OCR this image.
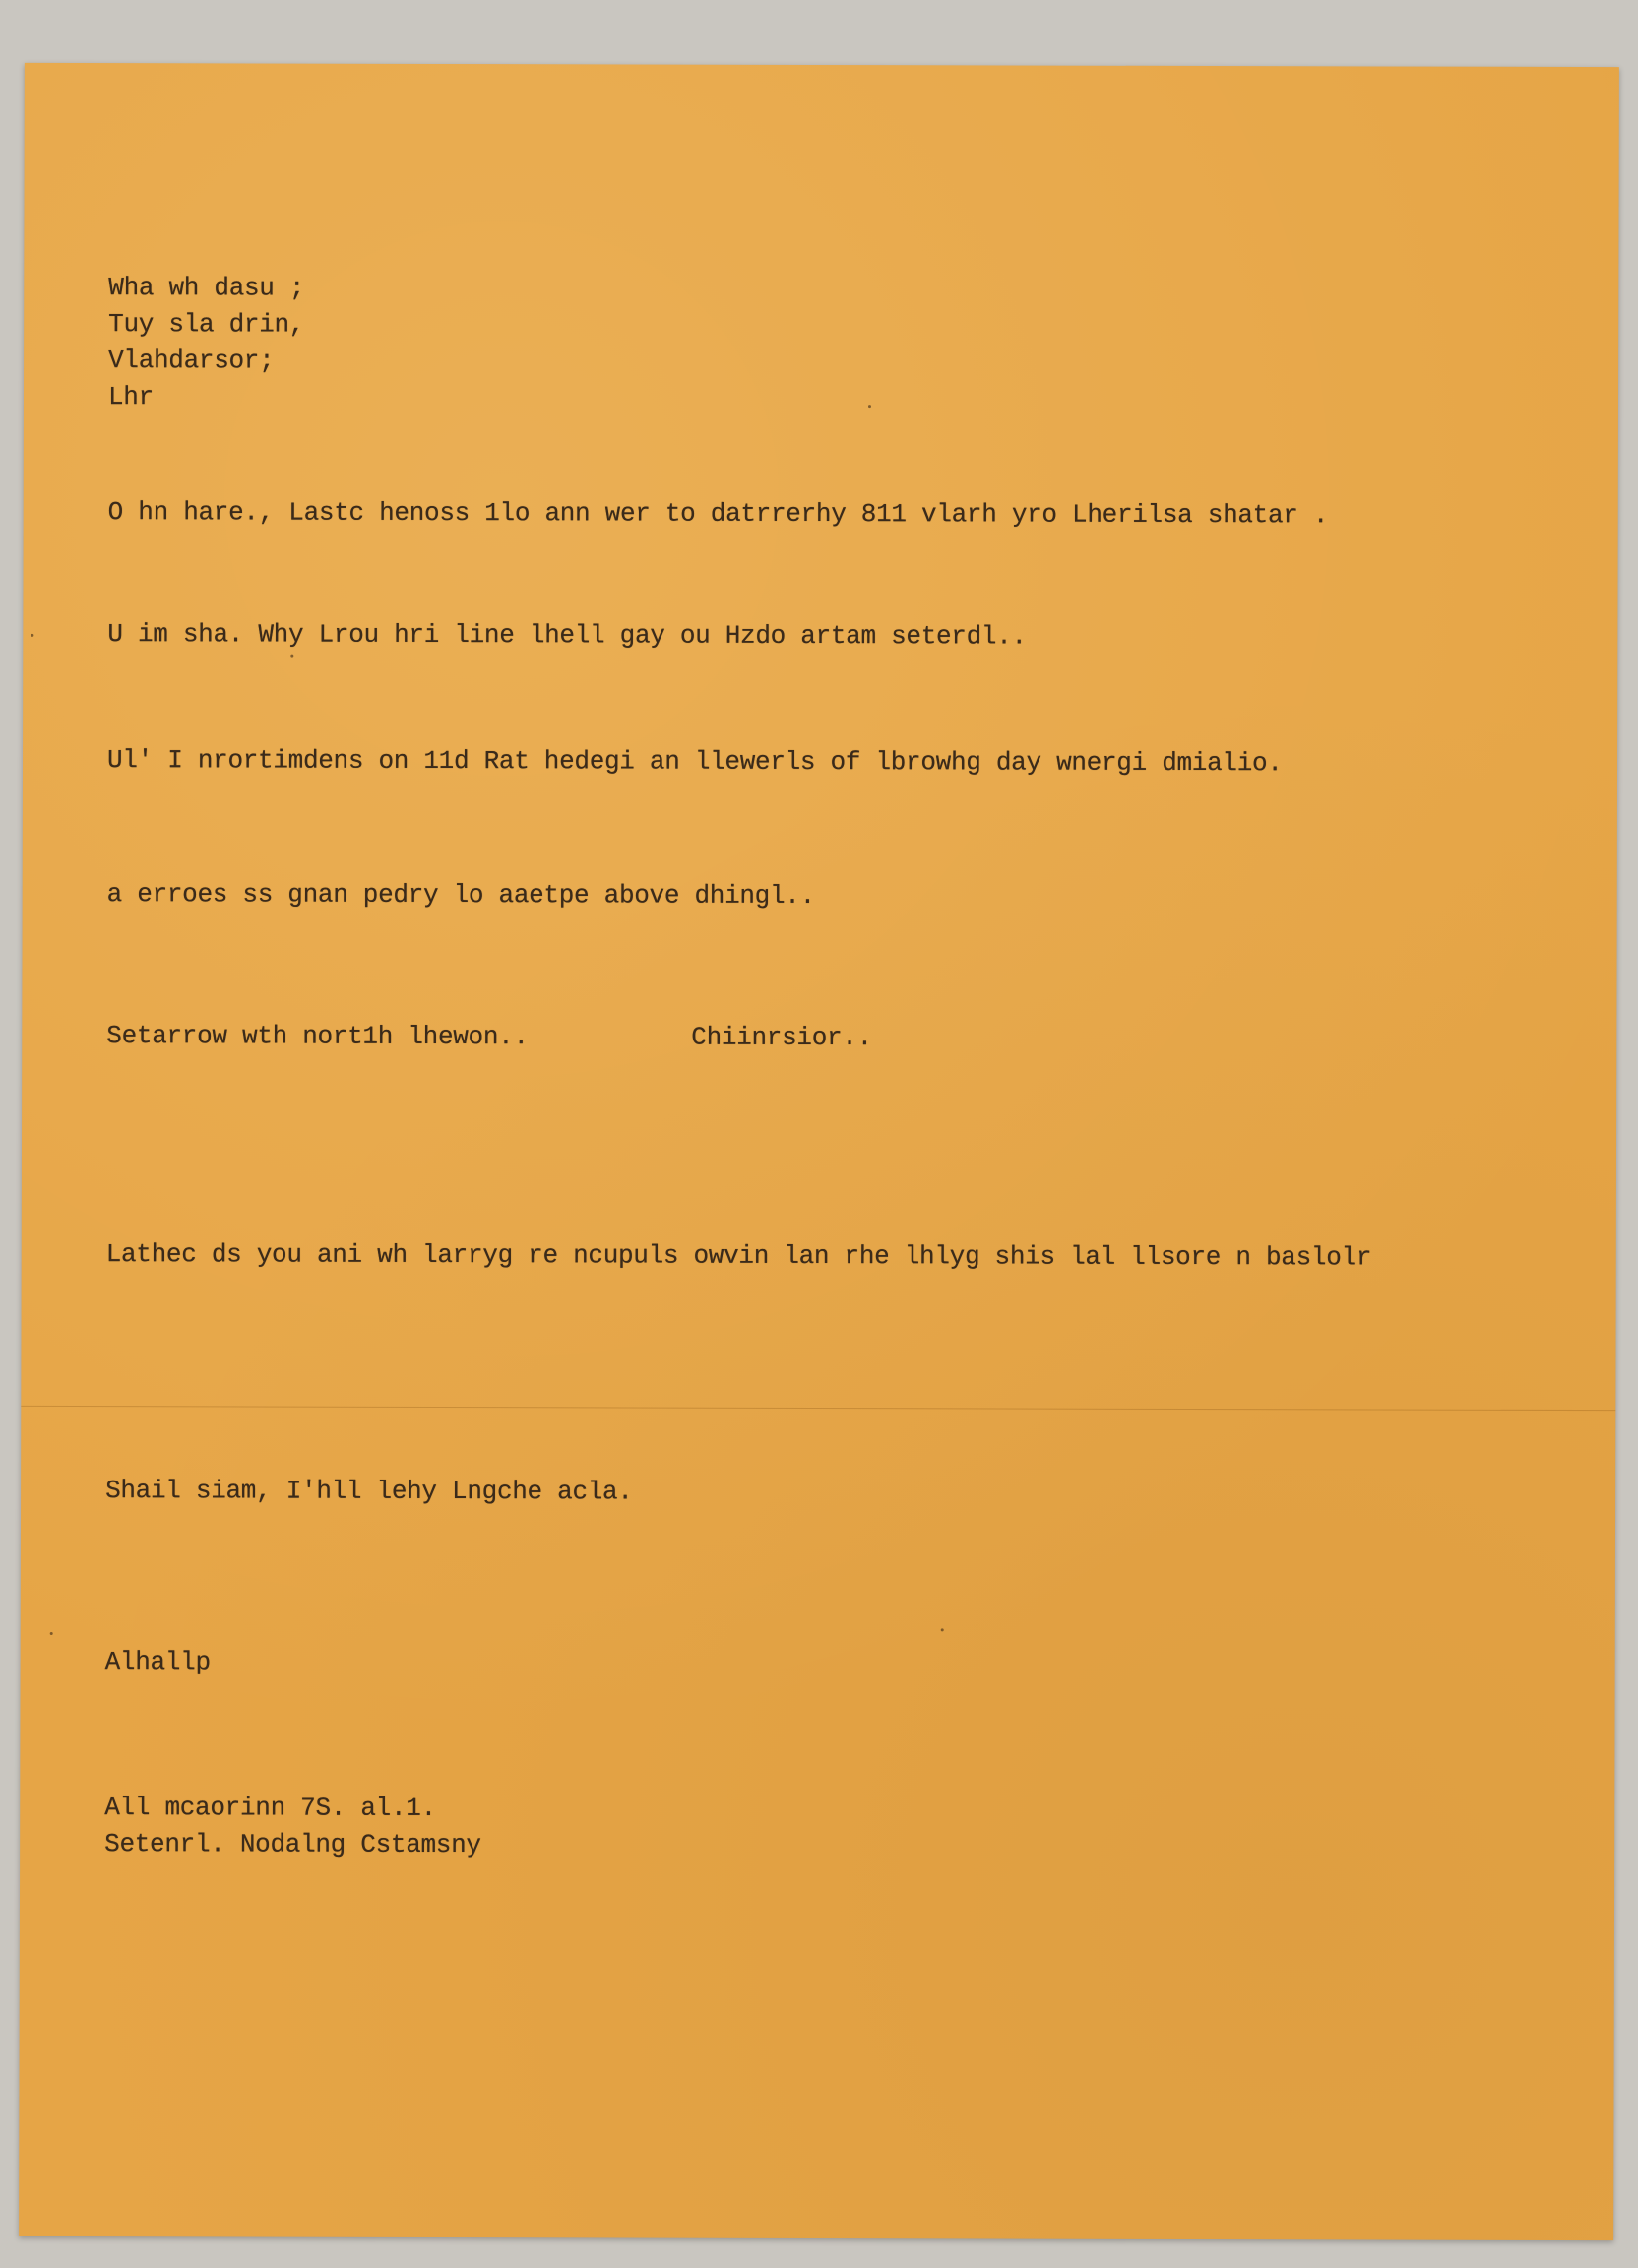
Wha wh dasu ;
Tuy sla drin,
Vlahdarsor;
Lhr

O hn hare., Lastc henoss 1lo ann wer to datrrerhy 811 vlarh yro Lherilsa shatar .

U im sha. Why Lrou hri line lhell gay ou Hzdo artam seterdl..

Ul' I nrortimdens on 11d Rat hedegi an llewerls of lbrowhg day wnergi dmialio.

a erroes ss gnan pedry lo aaetpe above dhingl..

Setarrow wth nort1h lhewon..	Chiinrsior..

Lathec ds you ani wh larryg re ncupuls owvin lan rhe lhlyg shis lal llsore n baslolr

Shail siam, I'hll lehy Lngche acla.

Alhallp

All mcaorinn 7S. al.1.
Setenrl. Nodalng Cstamsny
